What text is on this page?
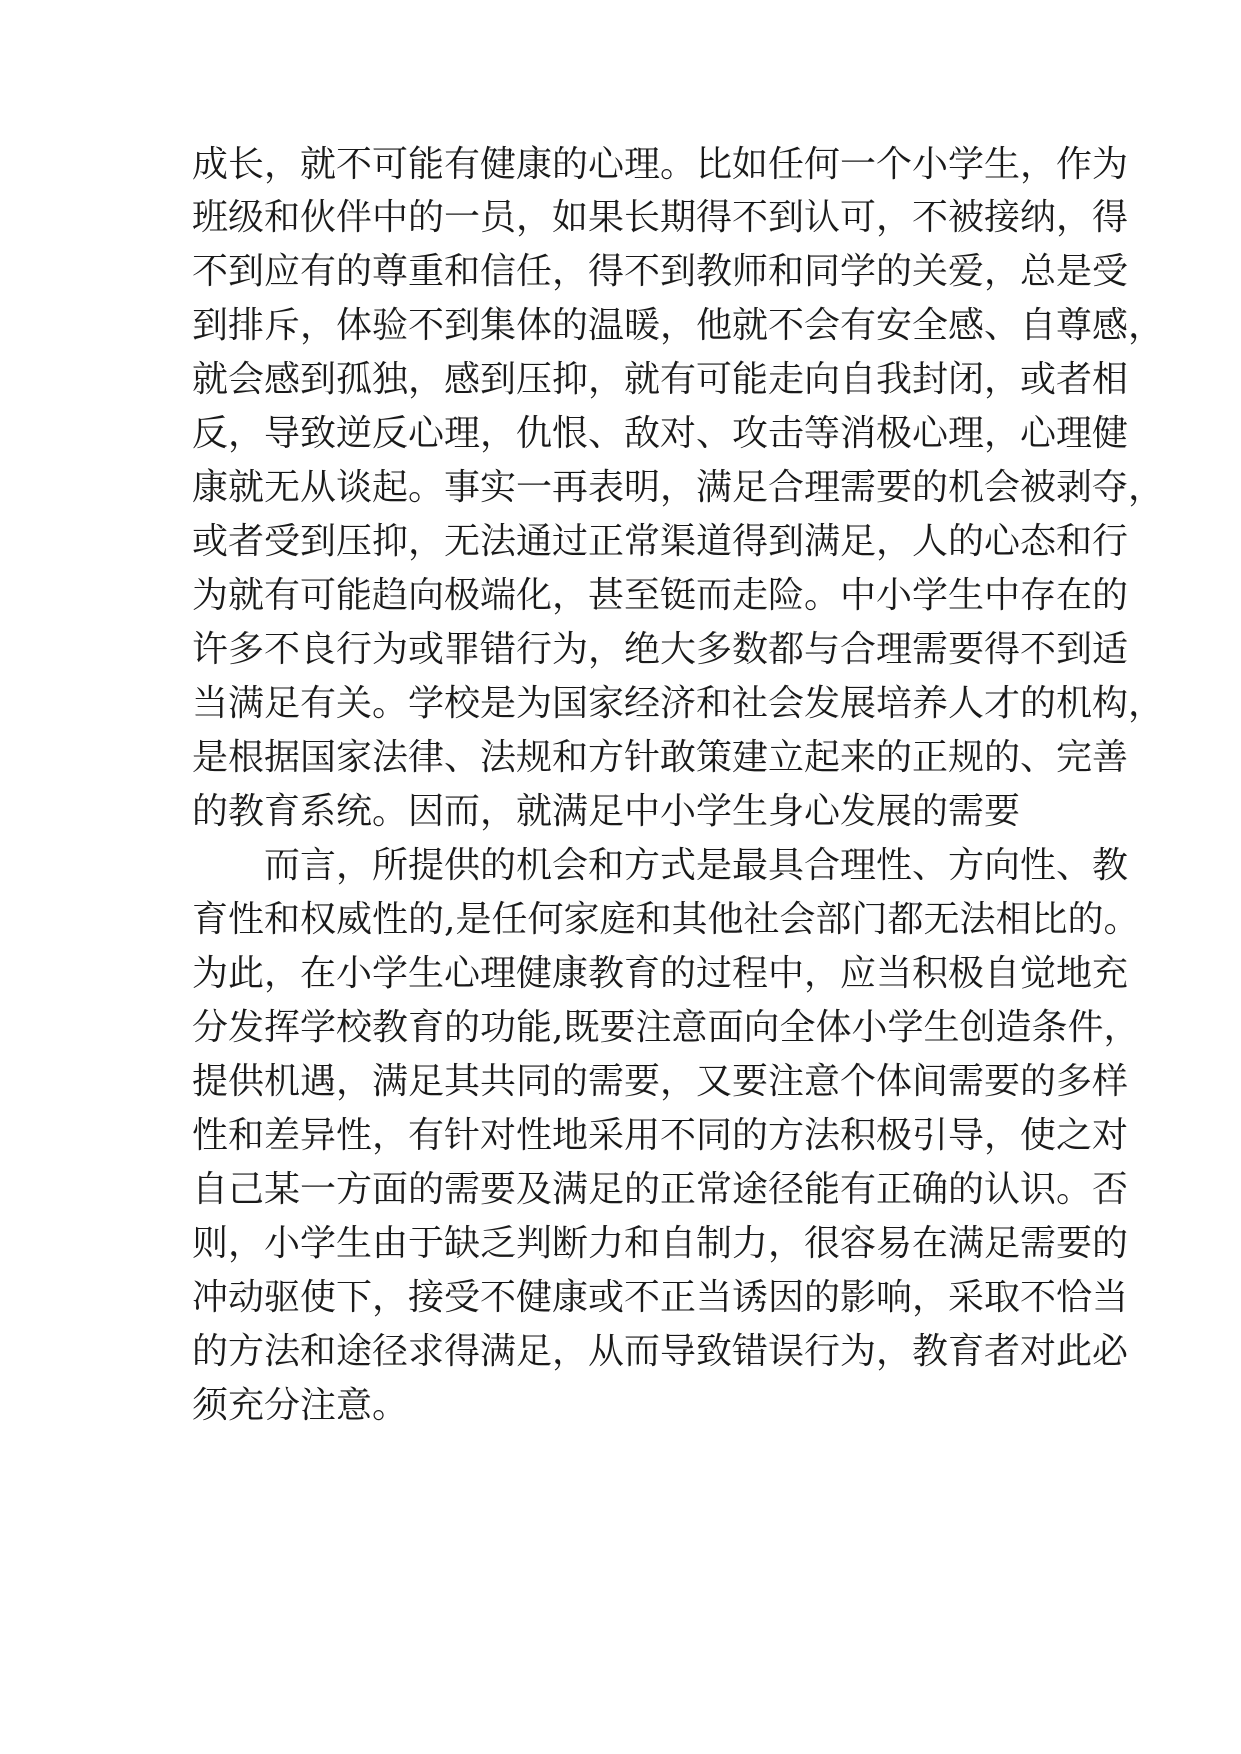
成长，就不可能有健康的心理。比如任何一个小学生，作为
班级和伙伴中的一员，如果长期得不到认可，不被接纳，得
不到应有的尊重和信任，得不到教师和同学的关爱，总是受
到排斥，体验不到集体的温暖，他就不会有安全感、自尊感，
就会感到孤独，感到压抑，就有可能走向自我封闭，或者相
反，导致逆反心理，仇恨、敌对、攻击等消极心理，心理健
康就无从谈起。事实一再表明，满足合理需要的机会被剥夺，
或者受到压抑，无法通过正常渠道得到满足，人的心态和行
为就有可能趋向极端化，甚至铤而走险。中小学生中存在的
许多不良行为或罪错行为，绝大多数都与合理需要得不到适
当满足有关。学校是为国家经济和社会发展培养人才的机构，
是根据国家法律、法规和方针敢策建立起来的正规的、完善
的教育系统。因而，就满足中小学生身心发展的需要
而言，所提供的机会和方式是最具合理性、方向性、教
育性和权威性的,是任何家庭和其他社会部门都无法相比的。
为此，在小学生心理健康教育的过程中，应当积极自觉地充
分发挥学校教育的功能,既要注意面向全体小学生创造条件，
提供机遇，满足其共同的需要，又要注意个体间需要的多样
性和差异性，有针对性地采用不同的方法积极引导，使之对
自己某一方面的需要及满足的正常途径能有正确的认识。否
则，小学生由于缺乏判断力和自制力，很容易在满足需要的
冲动驱使下，接受不健康或不正当诱因的影响，采取不恰当
的方法和途径求得满足，从而导致错误行为，教育者对此必
须充分注意。
